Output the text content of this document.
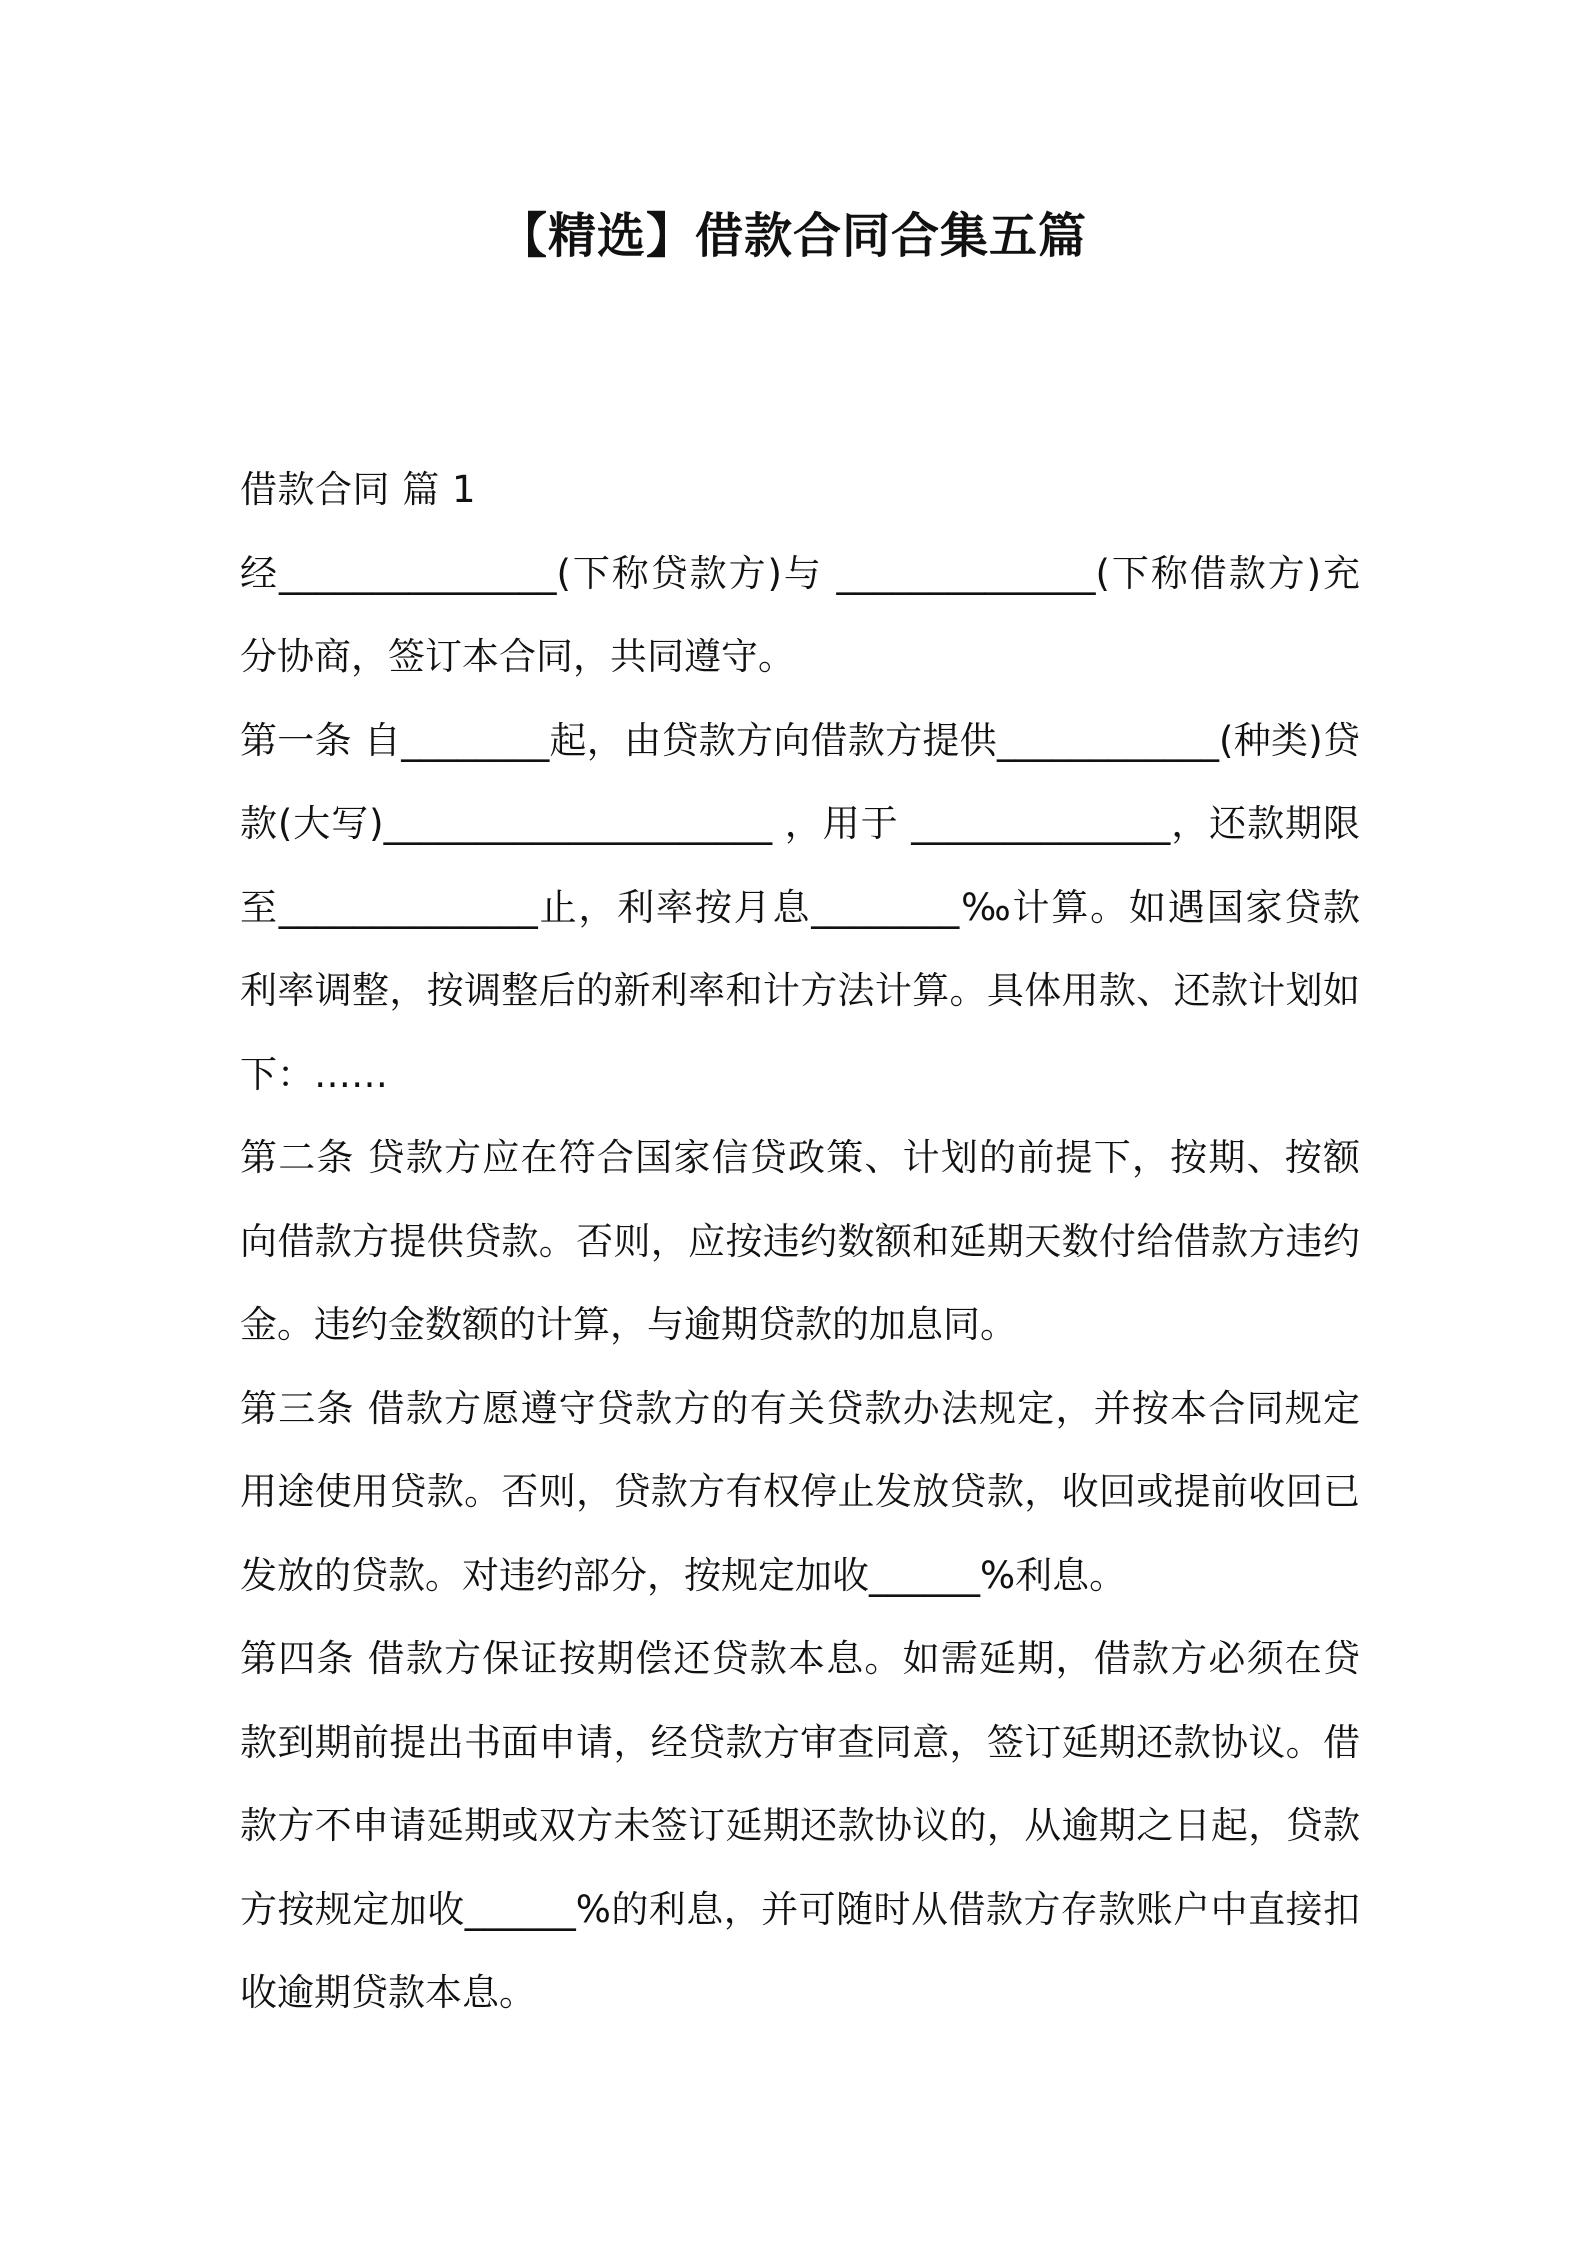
【精选】借款合同合集五篇

借款合同 篇 1

经_______________(下称贷款方)与 ______________(下称借款方)充分协商，签订本合同，共同遵守。

第一条 自________起，由贷款方向借款方提供____________(种类)贷款(大写)_____________________ ，用于 ______________，还款期限至______________止，利率按月息________‰计算。如遇国家贷款利率调整，按调整后的新利率和计方法计算。具体用款、还款计划如下：……

第二条 贷款方应在符合国家信贷政策、计划的前提下，按期、按额向借款方提供贷款。否则，应按违约数额和延期天数付给借款方违约金。违约金数额的计算，与逾期贷款的加息同。

第三条 借款方愿遵守贷款方的有关贷款办法规定，并按本合同规定用途使用贷款。否则，贷款方有权停止发放贷款，收回或提前收回已发放的贷款。对违约部分，按规定加收______%利息。

第四条 借款方保证按期偿还贷款本息。如需延期，借款方必须在贷款到期前提出书面申请，经贷款方审查同意，签订延期还款协议。借款方不申请延期或双方未签订延期还款协议的，从逾期之日起，贷款方按规定加收______%的利息，并可随时从借款方存款账户中直接扣收逾期贷款本息。
